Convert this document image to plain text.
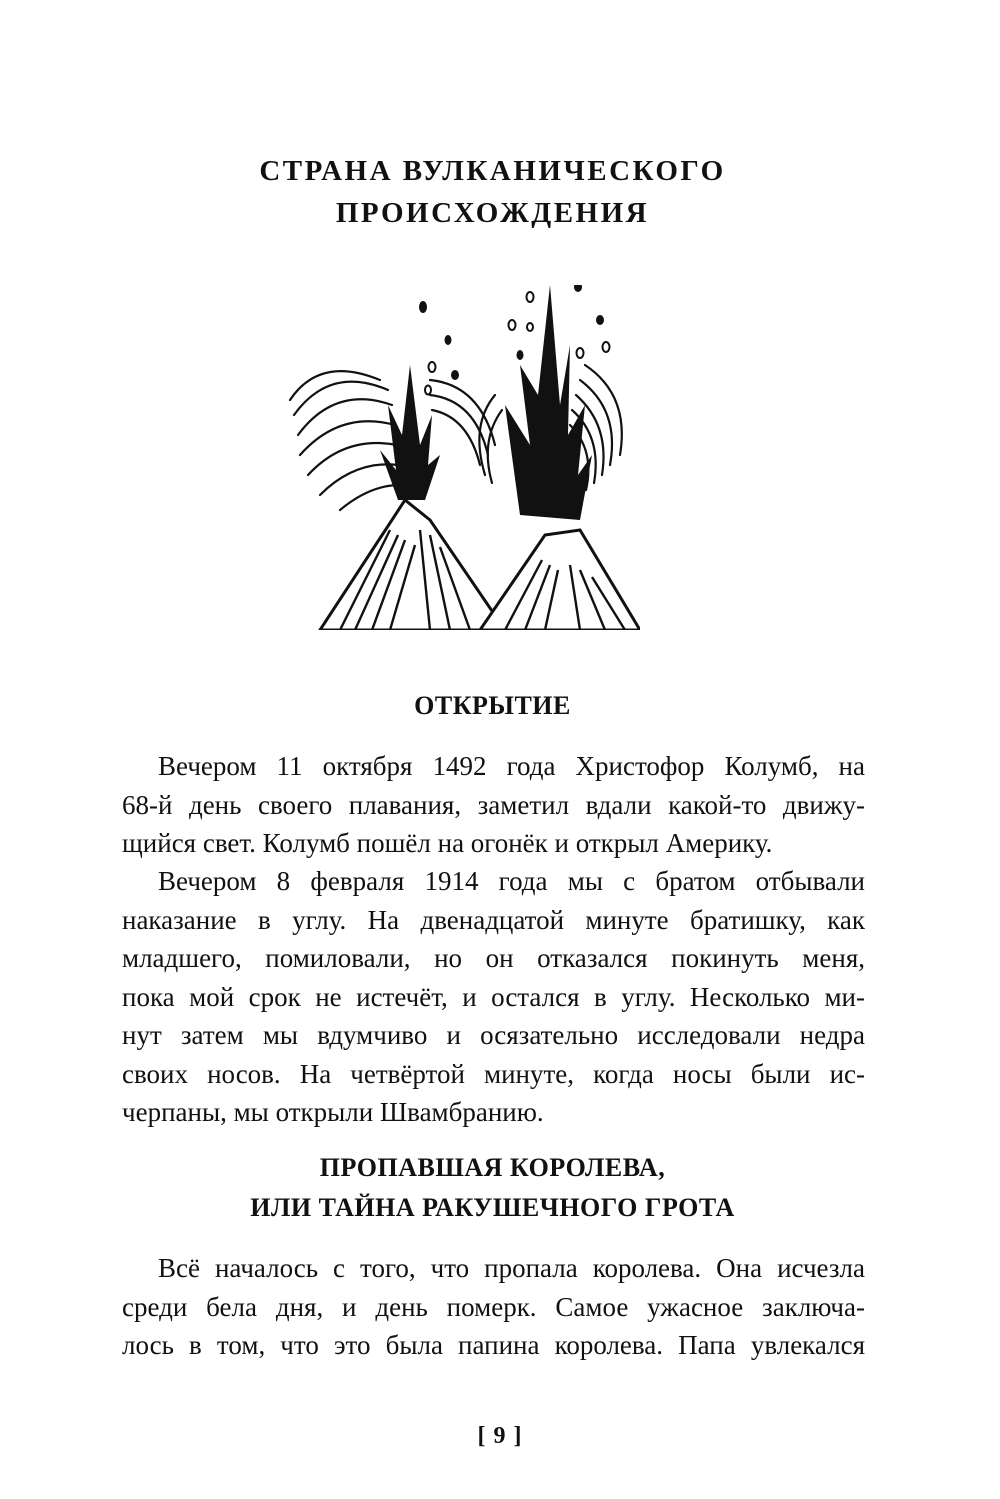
СТРАНА ВУЛКАНИЧЕСКОГО
ПРОИСХОЖДЕНИЯ
ОТКРЫТИЕ
Вечером 11 октября 1492 года Христофор Колумб, на
68-й день своего плавания, заметил вдали какой-то движу-
щийся свет. Колумб пошёл на огонёк и открыл Америку.
Вечером 8 февраля 1914 года мы с братом отбывали
наказание в углу. На двенадцатой минуте братишку, как
младшего, помиловали, но он отказался покинуть меня,
пока мой срок не истечёт, и остался в углу. Несколько ми-
нут затем мы вдумчиво и осязательно исследовали недра
своих носов. На четвёртой минуте, когда носы были ис-
черпаны, мы открыли Швамбранию.
ПРОПАВШАЯ КОРОЛЕВА,
ИЛИ ТАЙНА РАКУШЕЧНОГО ГРОТА
Всё началось с того, что пропала королева. Она исчезла
среди бела дня, и день померк. Самое ужасное заключа-
лось в том, что это была папина королева. Папа увлекался
[ 9 ]
